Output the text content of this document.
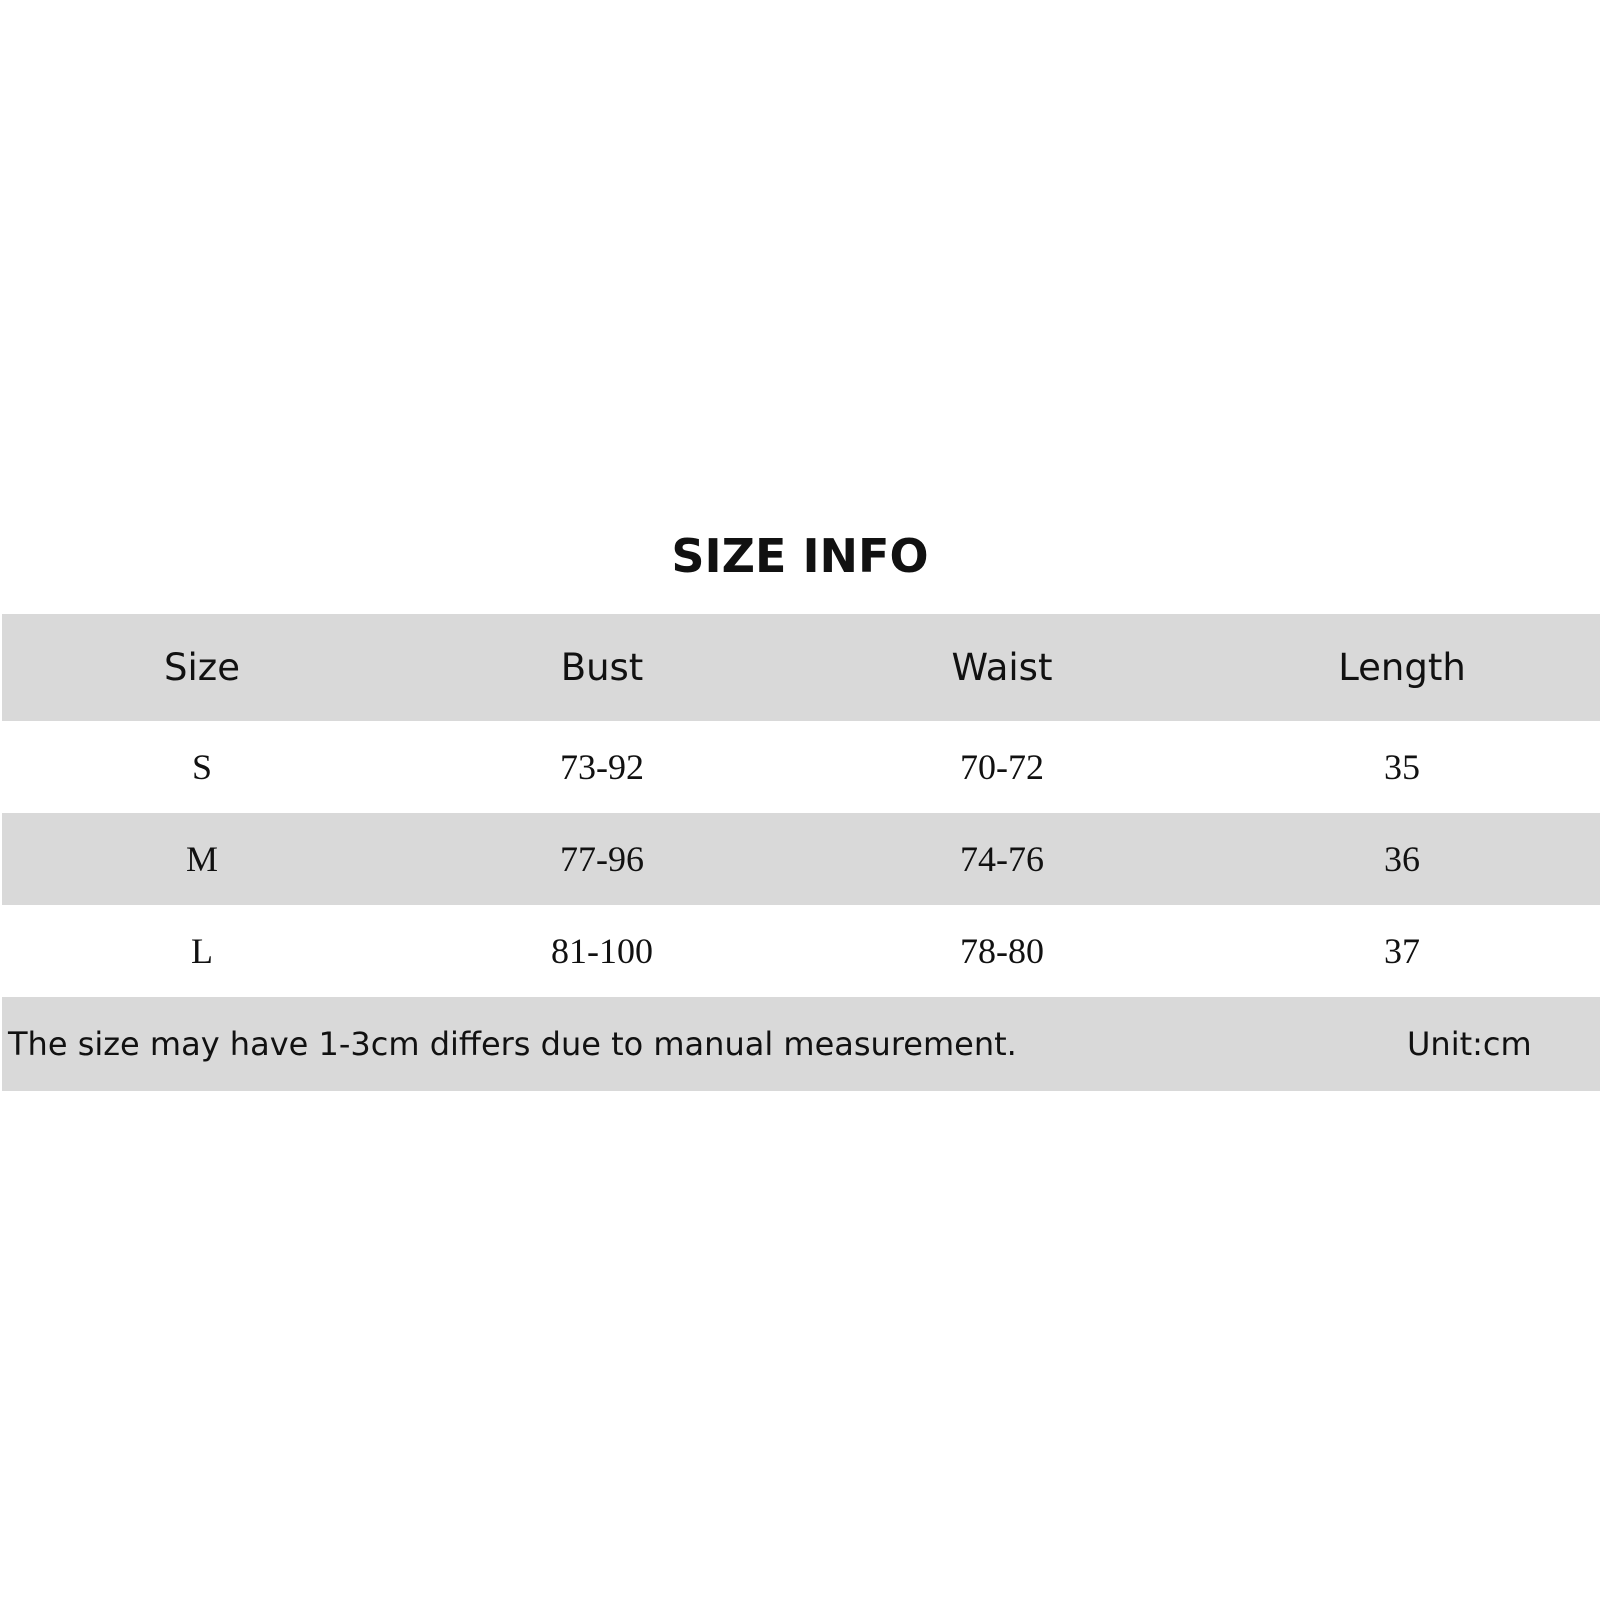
SIZE INFO
Size	Bust	Waist	Length
S	73-92	70-72	35
M	77-96	74-76	36
L	81-100	78-80	37
The size may have 1-3cm differs due to manual measurement.	Unit:cm
